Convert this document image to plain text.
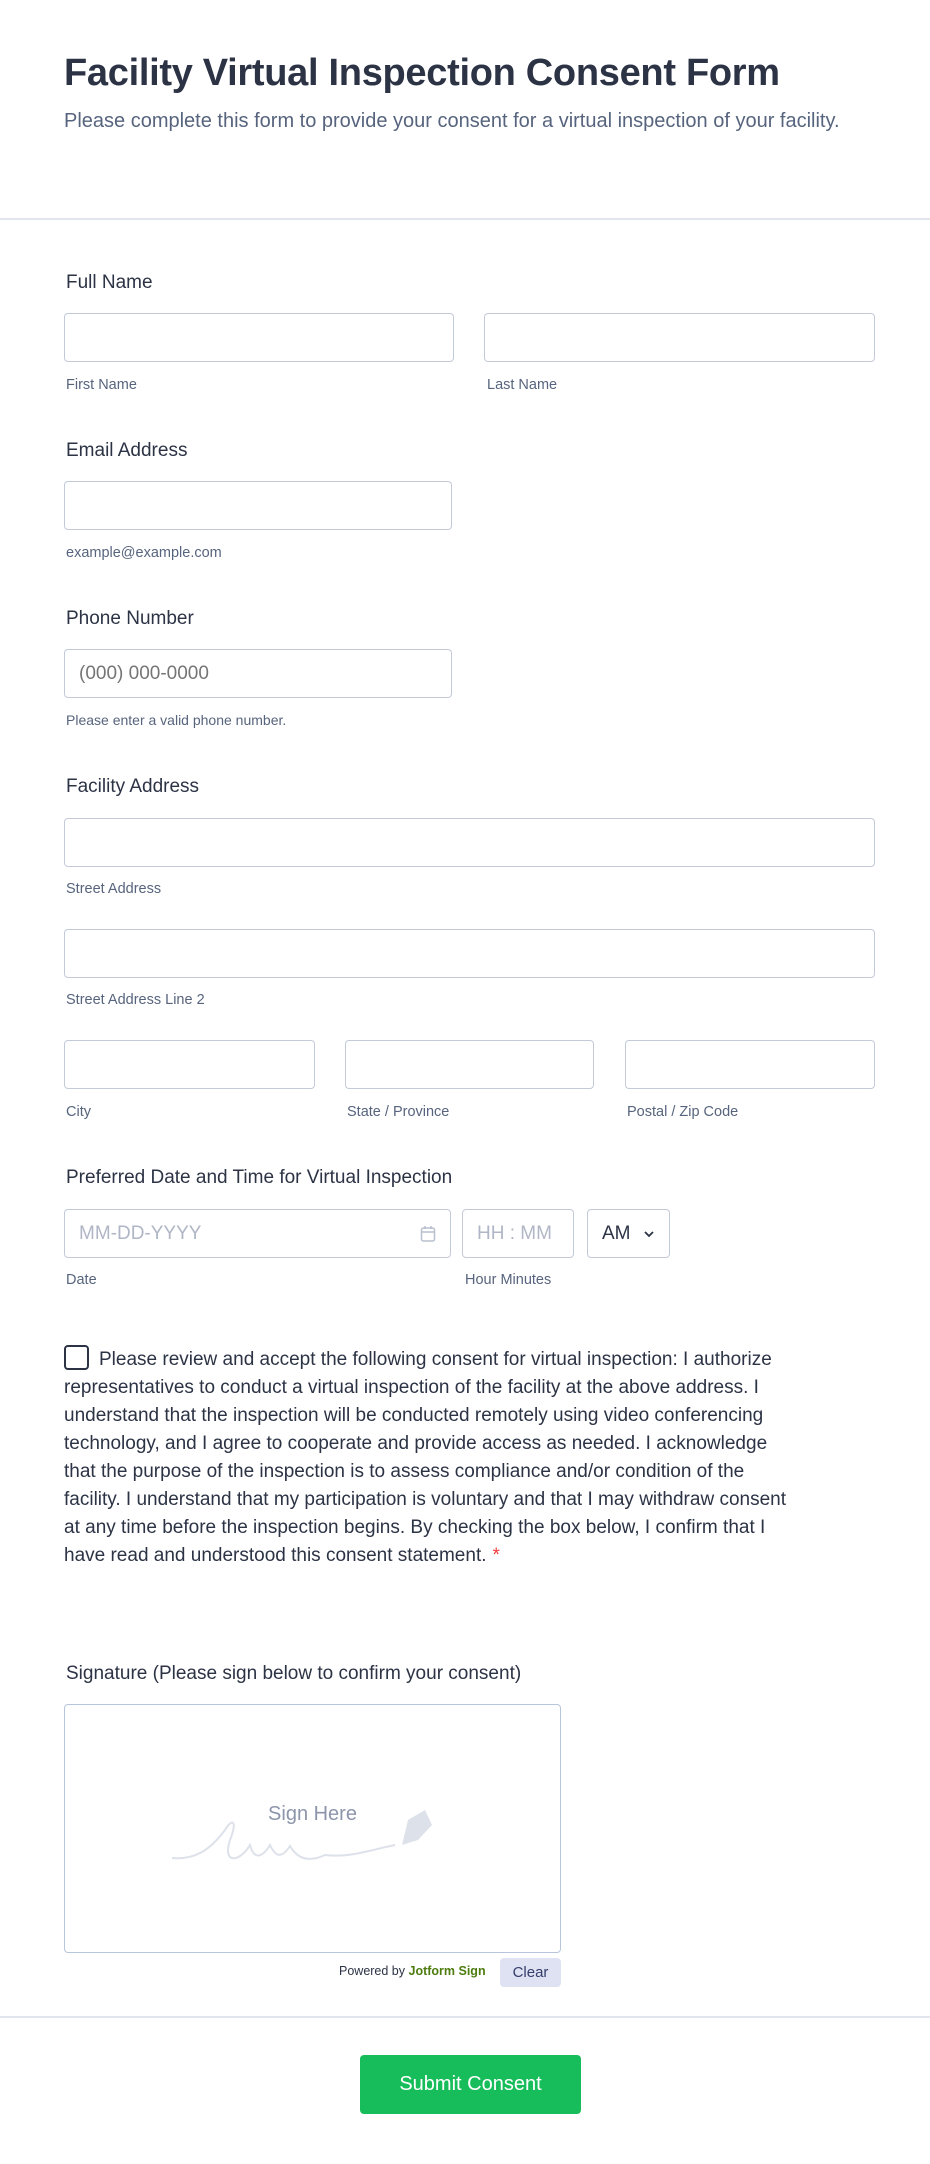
Facility Virtual Inspection Consent Form

Please complete this form to provide your consent for a virtual inspection of your facility.

Full Name
First Name	Last Name
Email Address
example@example.com
Phone Number
(000) 000-0000
Please enter a valid phone number.
Facility Address
Street Address
Street Address Line 2
City	State / Province	Postal / Zip Code
Preferred Date and Time for Virtual Inspection
MM-DD-YYYY	HH : MM	AM
Date	Hour Minutes
Please review and accept the following consent for virtual inspection: I authorize representatives to conduct a virtual inspection of the facility at the above address. I understand that the inspection will be conducted remotely using video conferencing technology, and I agree to cooperate and provide access as needed. I acknowledge that the purpose of the inspection is to assess compliance and/or condition of the facility. I understand that my participation is voluntary and that I may withdraw consent at any time before the inspection begins. By checking the box below, I confirm that I have read and understood this consent statement. *
Signature (Please sign below to confirm your consent)
Sign Here
Powered by Jotform Sign	Clear
Submit Consent
